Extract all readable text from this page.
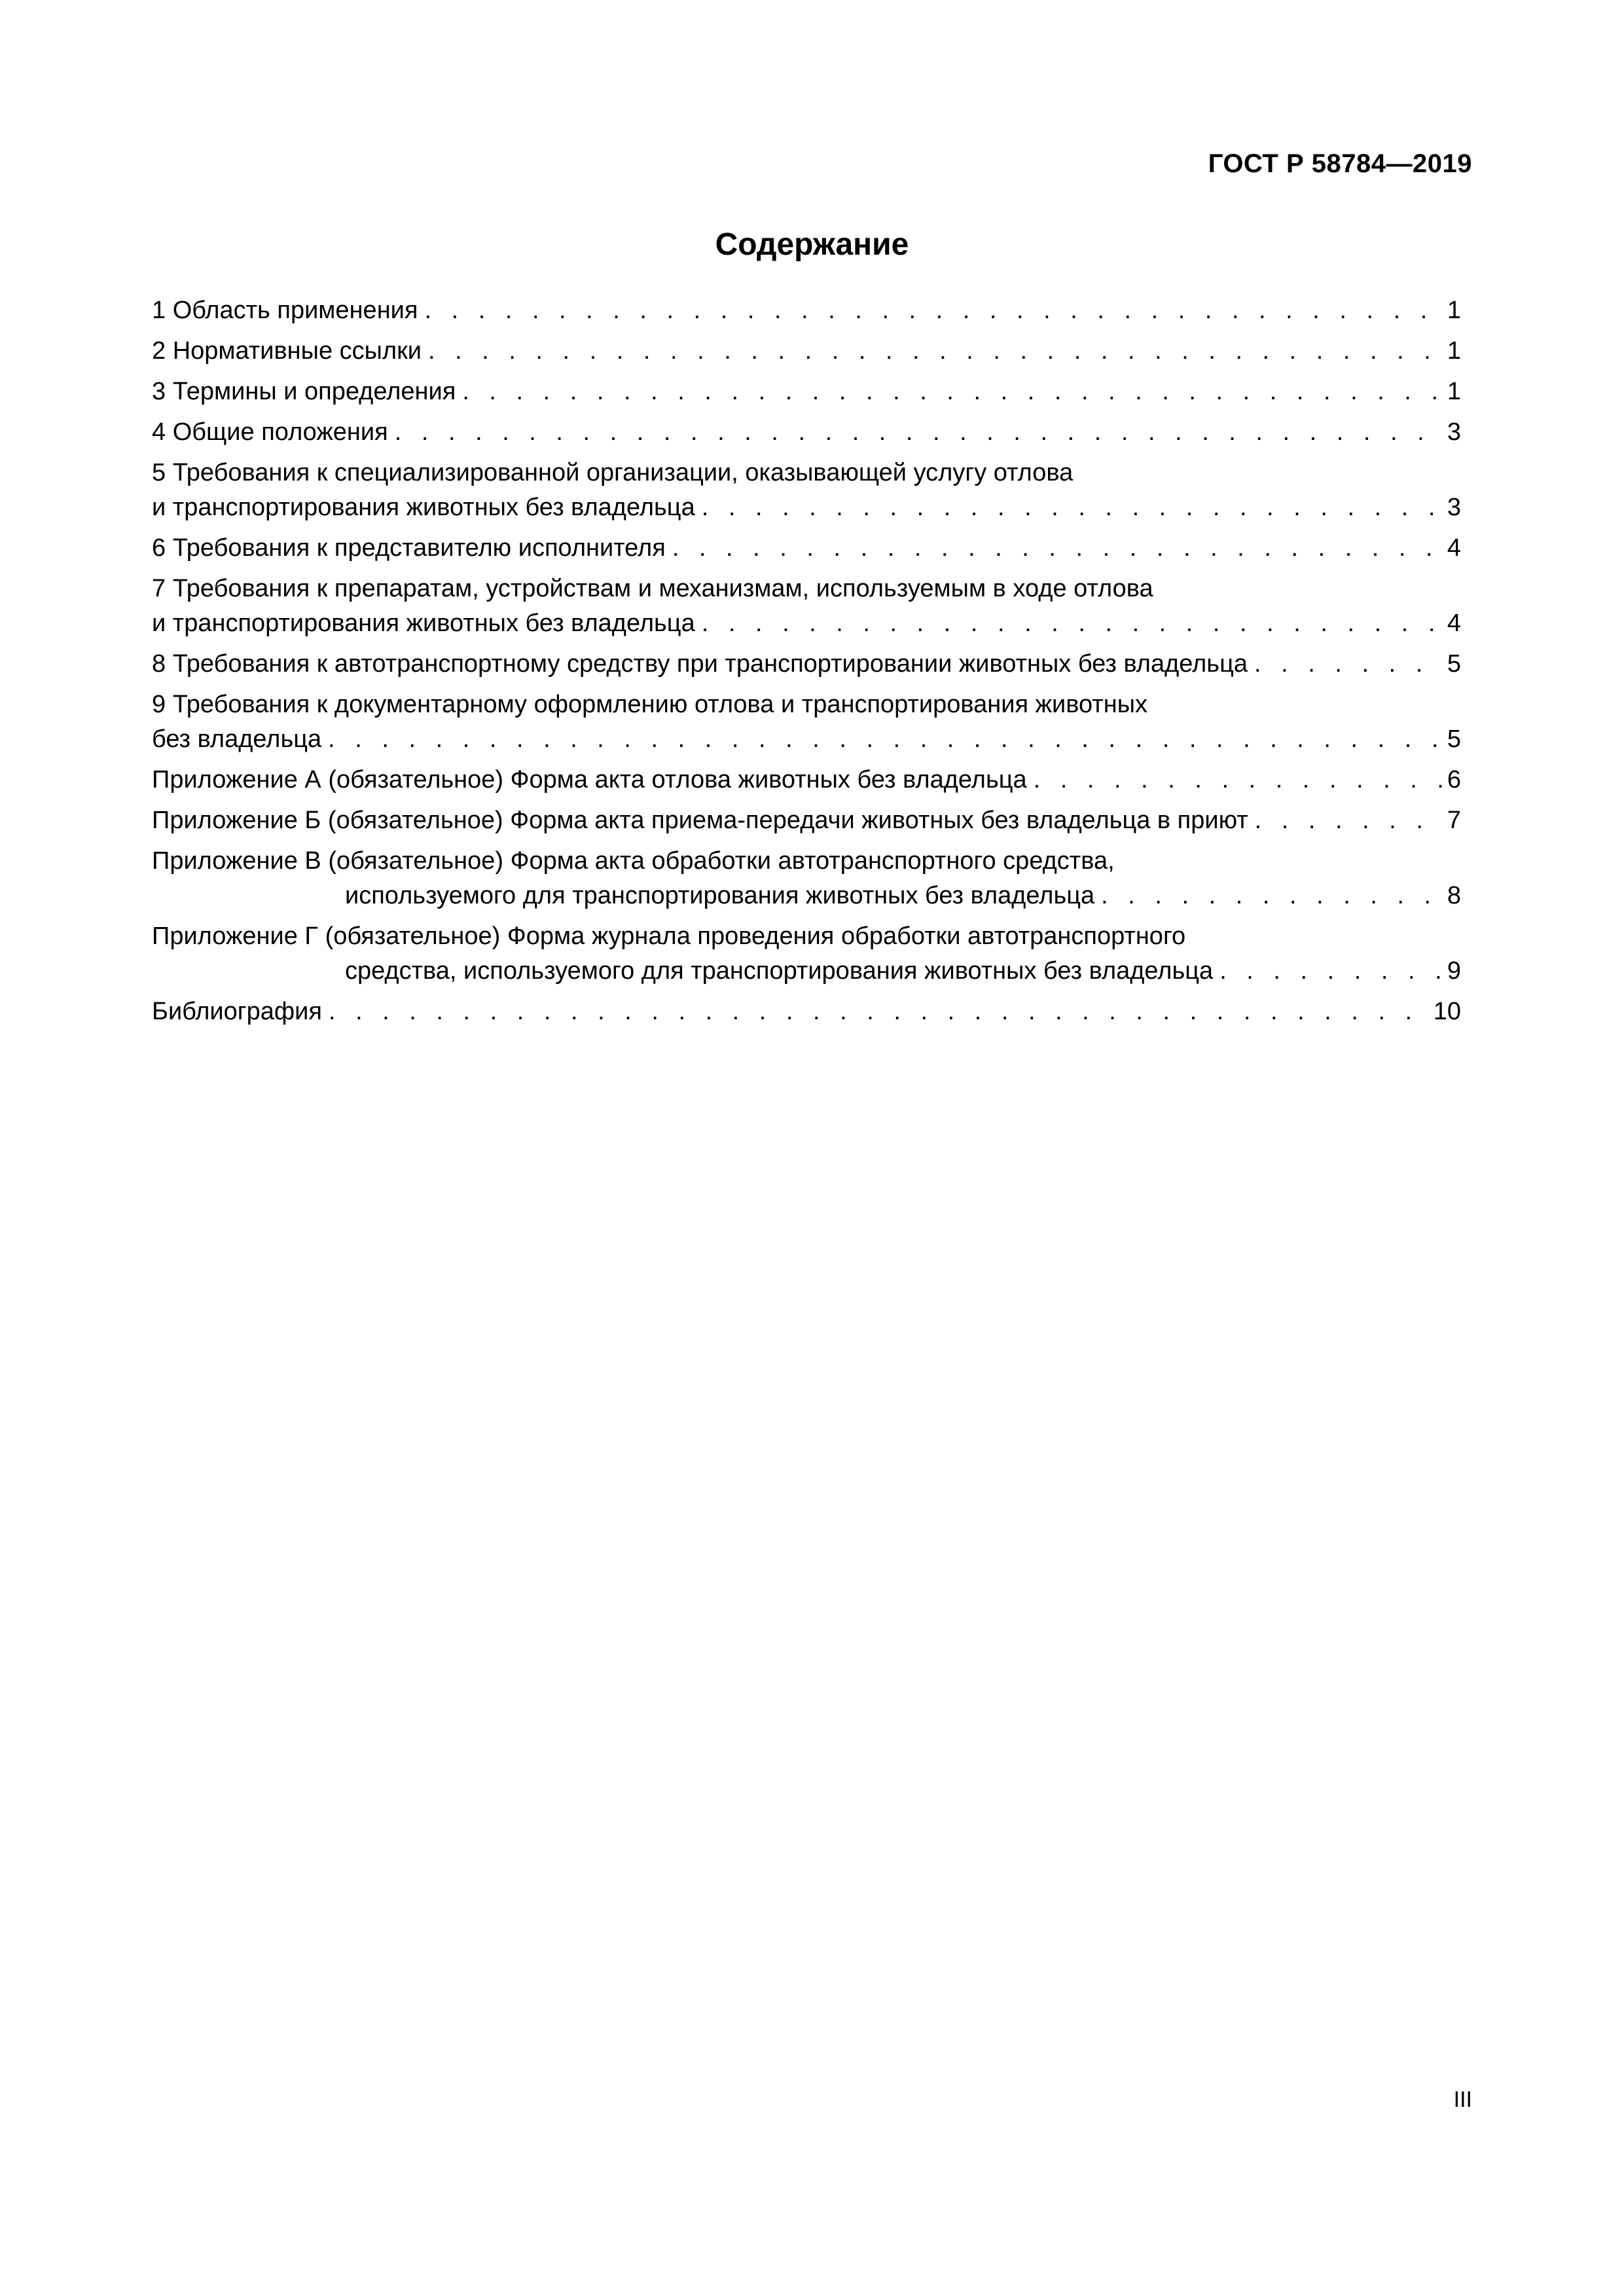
ГОСТ Р 58784—2019
Содержание
1 Область применения . . .	1
2 Нормативные ссылки . . .	1
3 Термины и определения . . .	1
4 Общие положения . . .	3
5 Требования к специализированной организации, оказывающей услугу отлова
и транспортирования животных без владельца . . .	3
6 Требования к представителю исполнителя . . .	4
7 Требования к препаратам, устройствам и механизмам, используемым в ходе отлова
и транспортирования животных без владельца . . .	4
8 Требования к автотранспортному средству при транспортировании животных без владельца . . .	5
9 Требования к документарному оформлению отлова и транспортирования животных
без владельца . . .	5
Приложение А (обязательное) Форма акта отлова животных без владельца . . .	6
Приложение Б (обязательное) Форма акта приема-передачи животных без владельца в приют . . .	7
Приложение В (обязательное) Форма акта обработки автотранспортного средства,
используемого для транспортирования животных без владельца . . .	8
Приложение Г (обязательное) Форма журнала проведения обработки автотранспортного
средства, используемого для транспортирования животных без владельца . . .	9
Библиография . . .	10
III
